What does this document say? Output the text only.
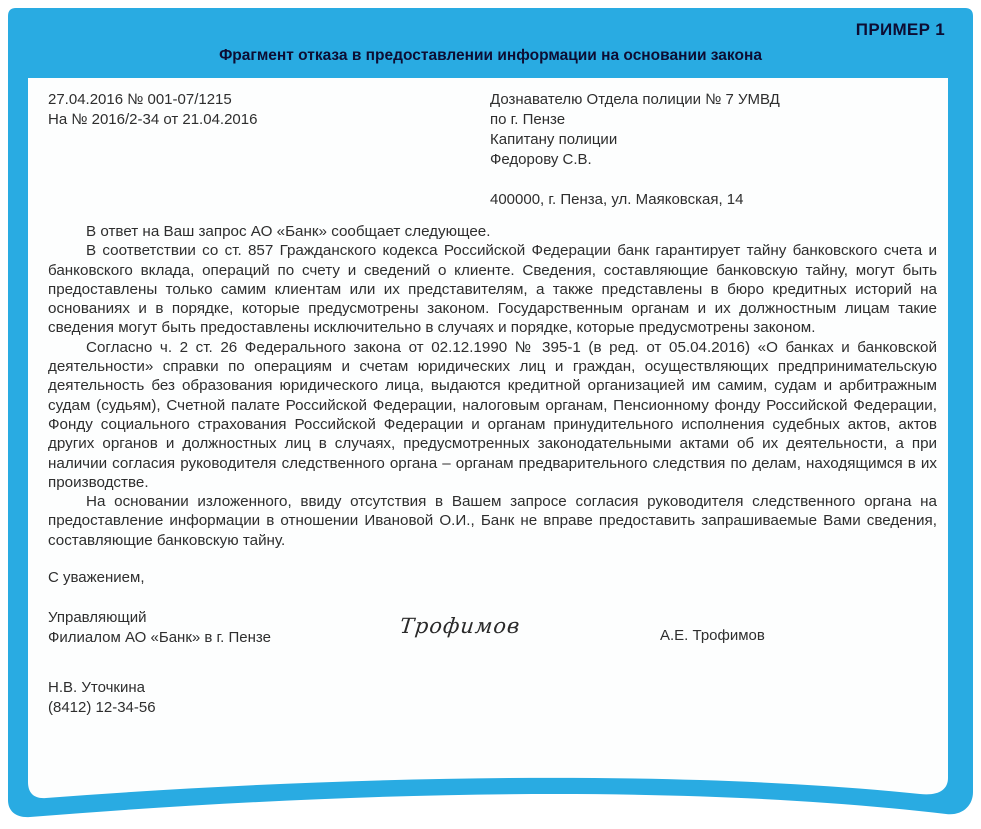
ПРИМЕР 1
Фрагмент отказа в предоставлении информации на основании закона
27.04.2016 № 001-07/1215
На № 2016/2-34 от 21.04.2016
Дознавателю Отдела полиции № 7 УМВД
по г. Пензе
Капитану полиции
Федорову С.В.
400000, г. Пенза, ул. Маяковская, 14

В ответ на Ваш запрос АО «Банк» сообщает следующее.

В соответствии со ст. 857 Гражданского кодекса Российской Федерации банк гарантирует тайну банковского счета и банковского вклада, операций по счету и сведений о клиенте. Сведения, составляющие банковскую тайну, могут быть предоставлены только самим клиентам или их представителям, а также представлены в бюро кредитных историй на основаниях и в порядке, которые предусмотрены законом. Государственным органам и их должностным лицам такие сведения могут быть предоставлены исключительно в случаях и порядке, которые предусмотрены законом.

Согласно ч. 2 ст. 26 Федерального закона от 02.12.1990 № 395-1 (в ред. от 05.04.2016) «О банках и банковской деятельности» справки по операциям и счетам юридических лиц и граждан, осуществляющих предпринимательскую деятельность без образования юридического лица, выдаются кредитной организацией им самим, судам и арбитражным судам (судьям), Счетной палате Российской Федерации, налоговым органам, Пенсионному фонду Российской Федерации, Фонду социального страхования Российской Федерации и органам принудительного исполнения судебных актов, актов других органов и должностных лиц в случаях, предусмотренных законодательными актами об их деятельности, а при наличии согласия руководителя следственного органа – органам предварительного следствия по делам, находящимся в их производстве.

На основании изложенного, ввиду отсутствия в Вашем запросе согласия руководителя следственного органа на предоставление информации в отношении Ивановой О.И., Банк не вправе предоставить запрашиваемые Вами сведения, составляющие банковскую тайну.

С уважением,
Управляющий
Филиалом АО «Банк» в г. Пензе	Трофимов	А.Е. Трофимов
Н.В. Уточкина
(8412) 12-34-56
